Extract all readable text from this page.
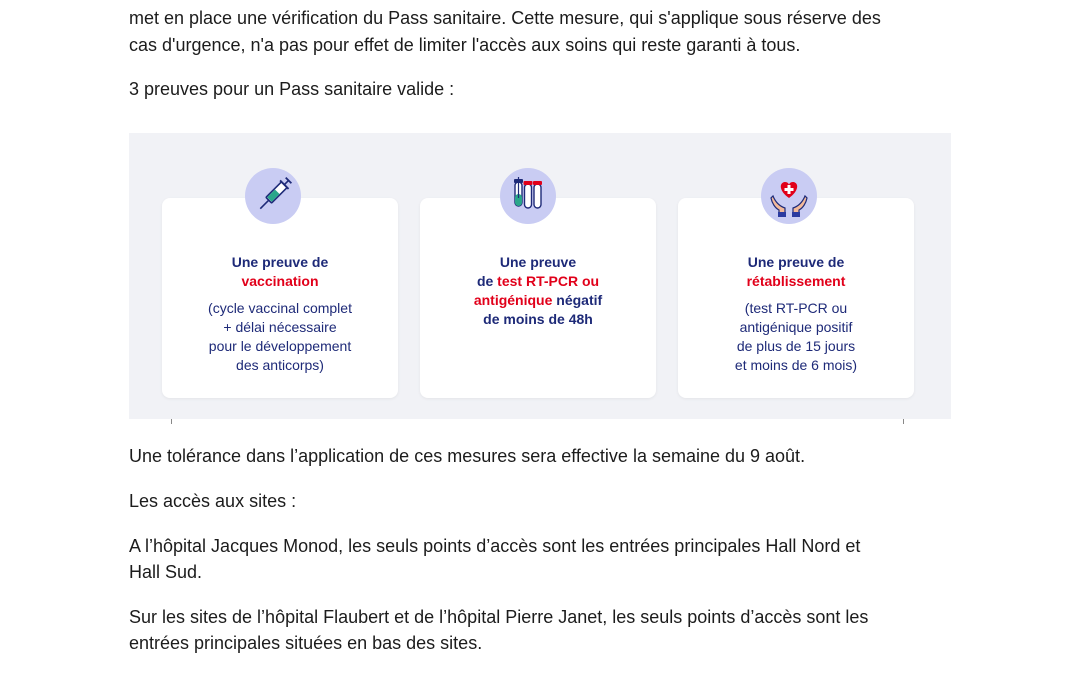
met en place une vérification du Pass sanitaire. Cette mesure, qui s'applique sous réserve des
cas d'urgence, n'a pas pour effet de limiter l'accès aux soins qui reste garanti à tous.
3 preuves pour un Pass sanitaire valide :
Une preuve de
vaccination
(cycle vaccinal complet
+ délai nécessaire
pour le développement
des anticorps)
Une preuve
de test RT-PCR ou
antigénique négatif
de moins de 48h
Une preuve de
rétablissement
(test RT-PCR ou
antigénique positif
de plus de 15 jours
et moins de 6 mois)
Une tolérance dans l’application de ces mesures sera effective la semaine du 9 août.
Les accès aux sites :
A l’hôpital Jacques Monod, les seuls points d’accès sont les entrées principales Hall Nord et
Hall Sud.
Sur les sites de l’hôpital Flaubert et de l’hôpital Pierre Janet, les seuls points d’accès sont les
entrées principales situées en bas des sites.
